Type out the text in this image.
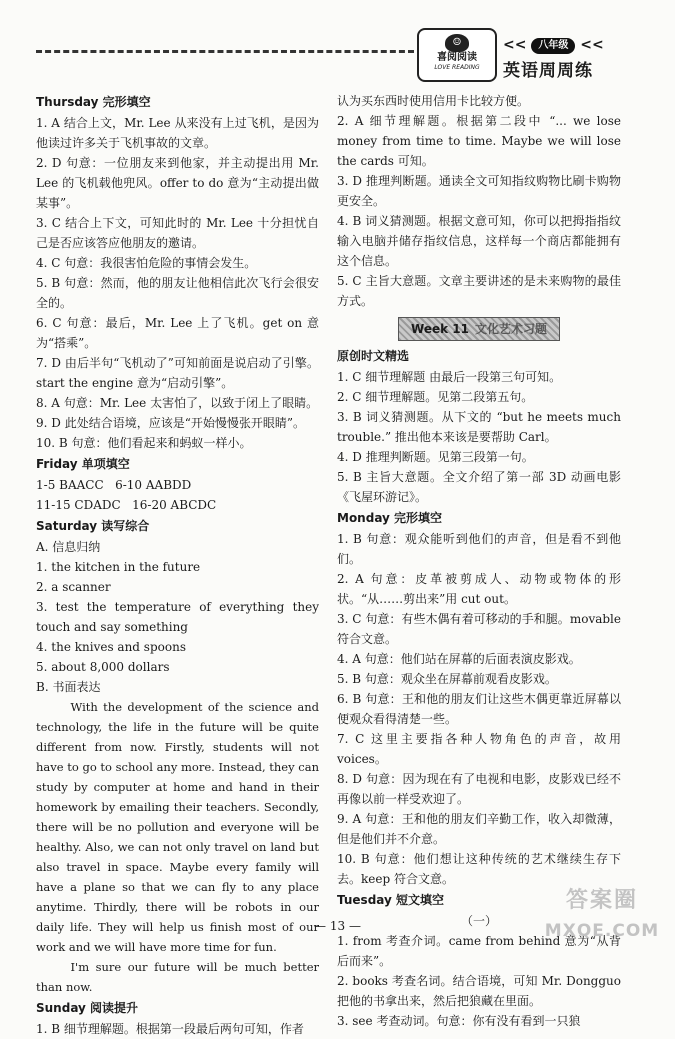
☺
喜阅阅读
LOVE READING
<< 八年级 <<
英语周周练
Thursday 完形填空
1. A 结合上文，Mr. Lee 从来没有上过飞机，是因为他读过许多关于飞机事故的文章。
2. D 句意：一位朋友来到他家，并主动提出用 Mr. Lee 的飞机载他兜风。offer to do 意为“主动提出做某事”。
3. C 结合上下文，可知此时的 Mr. Lee 十分担忧自己是否应该答应他朋友的邀请。
4. C 句意：我很害怕危险的事情会发生。
5. B 句意：然而，他的朋友让他相信此次飞行会很安全的。
6. C 句意：最后，Mr. Lee 上了飞机。get on 意为“搭乘”。
7. D 由后半句“飞机动了”可知前面是说启动了引擎。start the engine 意为“启动引擎”。
8. A 句意：Mr. Lee 太害怕了，以致于闭上了眼睛。
9. D 此处结合语境，应该是“开始慢慢张开眼睛”。
10. B 句意：他们看起来和蚂蚁一样小。
Friday 单项填空
1-5 BAACC   6-10 AABDD
11-15 CDADC   16-20 ABCDC
Saturday 读写综合
A. 信息归纳
1. the kitchen in the future
2. a scanner
3. test the temperature of everything they touch and say something
4. the knives and spoons
5. about 8,000 dollars
B. 书面表达

With the development of the science and technology, the life in the future will be quite different from now. Firstly, students will not have to go to school any more. Instead, they can study by computer at home and hand in their homework by emailing their teachers. Secondly, there will be no pollution and everyone will be healthy. Also, we can not only travel on land but also travel in space. Maybe every family will have a plane so that we can fly to any place anytime. Thirdly, there will be robots in our daily life. They will help us finish most of our work and we will have more time for fun.

I'm sure our future will be much better than now.

Sunday 阅读提升
1. B 细节理解题。根据第一段最后两句可知，作者
认为买东西时使用信用卡比较方便。
2. A 细节理解题。根据第二段中 “... we lose money from time to time. Maybe we will lose the cards 可知。
3. D 推理判断题。通读全文可知指纹购物比刷卡购物更安全。
4. B 词义猜测题。根据文意可知，你可以把拇指指纹输入电脑并储存指纹信息，这样每一个商店都能拥有这个信息。
5. C 主旨大意题。文章主要讲述的是未来购物的最佳方式。
Week 11 文化艺术习题
原创时文精选
1. C 细节理解题 由最后一段第三句可知。
2. C 细节理解题。见第二段第五句。
3. B 词义猜测题。从下文的 “but he meets much trouble.” 推出他本来该是要帮助 Carl。
4. D 推理判断题。见第三段第一句。
5. B 主旨大意题。全文介绍了第一部 3D 动画电影《飞屋环游记》。
Monday 完形填空
1. B 句意：观众能听到他们的声音，但是看不到他们。
2. A 句意：皮革被剪成人、动物或物体的形状。“从……剪出来”用 cut out。
3. C 句意：有些木偶有着可移动的手和腿。movable 符合文意。
4. A 句意：他们站在屏幕的后面表演皮影戏。
5. B 句意：观众坐在屏幕前观看皮影戏。
6. B 句意：王和他的朋友们让这些木偶更靠近屏幕以便观众看得清楚一些。
7. C 这里主要指各种人物角色的声音，故用 voices。
8. D 句意：因为现在有了电视和电影，皮影戏已经不再像以前一样受欢迎了。
9. A 句意：王和他的朋友们辛勤工作，收入却微薄，但是他们并不介意。
10. B 句意：他们想让这种传统的艺术继续生存下去。keep 符合文意。
Tuesday 短文填空
（一）
1. from 考查介词。came from behind 意为“从背后而来”。
2. books 考查名词。结合语境，可知 Mr. Dongguo 把他的书拿出来，然后把狼藏在里面。
3. see 考查动词。句意：你有没有看到一只狼
— 13 —
答案圈
MXQE.COM
